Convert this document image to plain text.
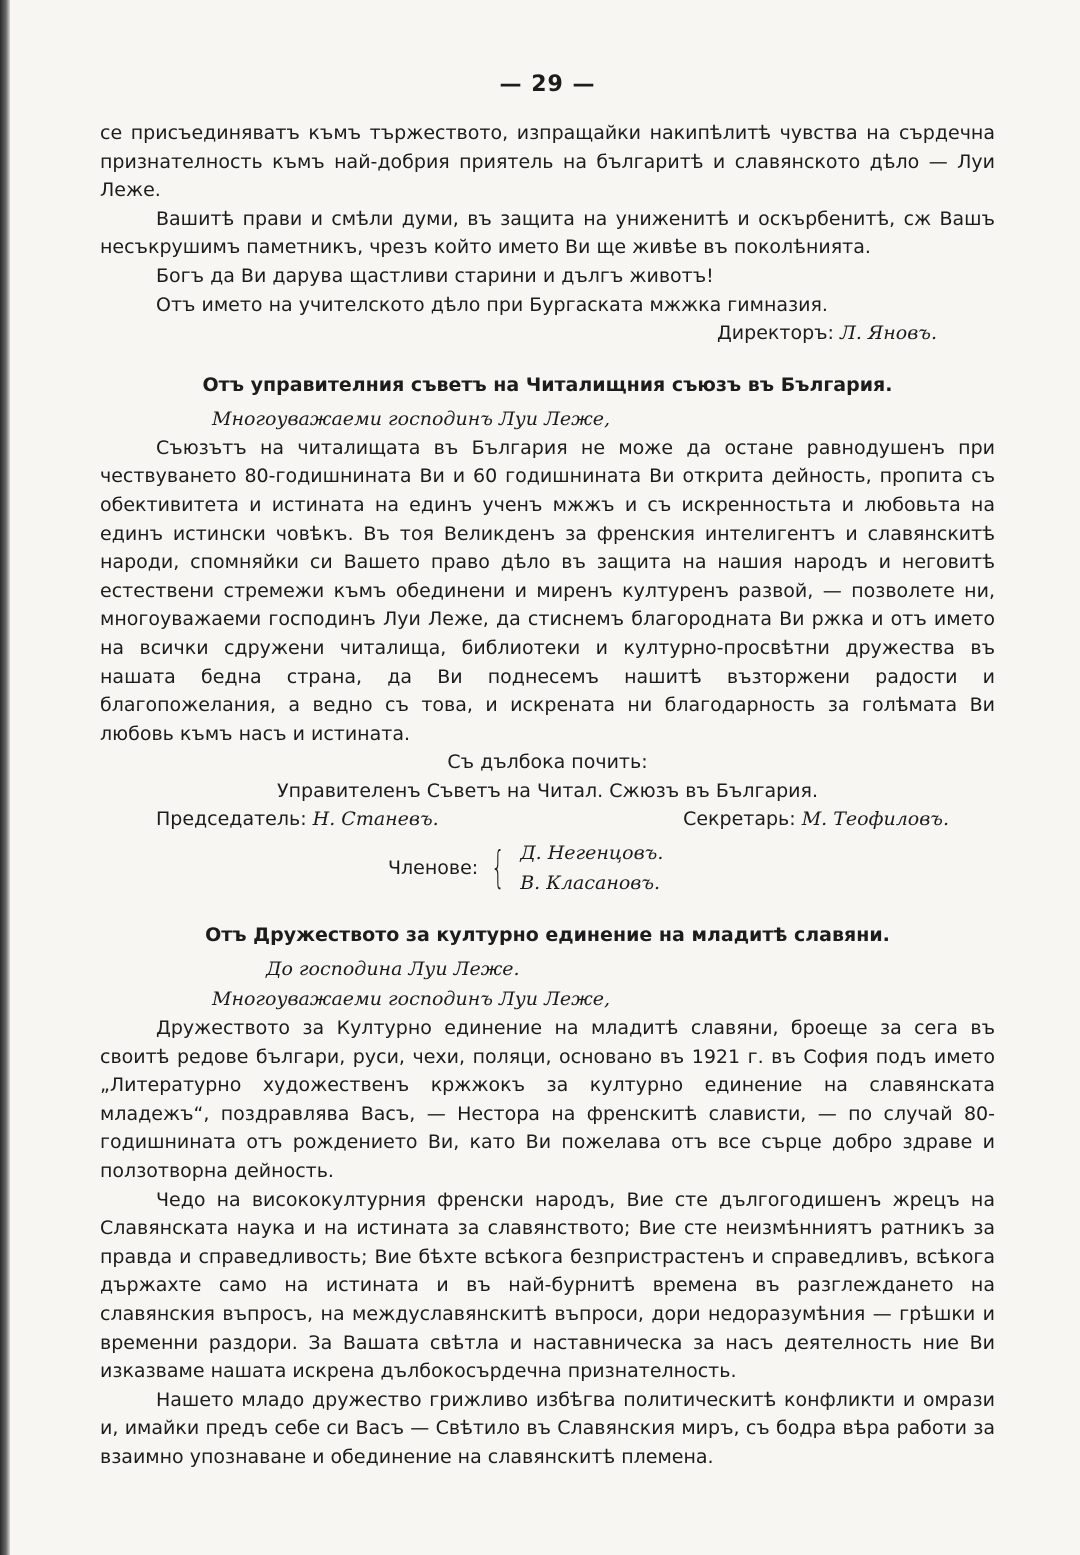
— 29 —

се присъединяватъ къмъ тържеството, изпращайки накипѣлитѣ чувства на сърдечна признателность къмъ най-добрия приятель на българитѣ и славянското дѣло — Луи Леже.

Вашитѣ прави и смѣли думи, въ защита на униженитѣ и оскърбенитѣ, сж Вашъ несъкрушимъ паметникъ, чрезъ който името Ви ще живѣе въ поколѣнията.

Богъ да Ви дарува щастливи старини и дългъ животъ!

Отъ името на учителското дѣло при Бургаската мжжка гимназия.

Директоръ: Л. Яновъ.

Отъ управителния съветъ на Читалищния съюзъ въ България.
Многоуважаеми господинъ Луи Леже,

Съюзътъ на читалищата въ България не може да остане равнодушенъ при чествуването 80-годишнината Ви и 60 годишнината Ви открита дейность, пропита съ обективитета и истината на единъ ученъ мжжъ и съ искренностьта и любовьта на единъ истински човѣкъ. Въ тоя Великденъ за френския интелигентъ и славянскитѣ народи, спомняйки си Вашето право дѣло въ защита на нашия народъ и неговитѣ естествени стремежи къмъ обединени и миренъ културенъ развой, — позволете ни, многоуважаеми господинъ Луи Леже, да стиснемъ благородната Ви ржка и отъ името на всички сдружени читалища, библиотеки и културно-просвѣтни дружества въ нашата бедна страна, да Ви поднесемъ нашитѣ възторжени радости и благопожелания, а ведно съ това, и искрената ни благодарность за голѣмата Ви любовь къмъ насъ и истината.

Съ дълбока почить:

Управителенъ Съветъ на Читал. Сжюзъ въ България.

Председатель: Н. Станевъ.	Секретарь: М. Теофиловъ.
Членове: { Д. Негенцовъ.
В. Класановъ.
Отъ Дружеството за културно единение на младитѣ славяни.
До господина Луи Леже.
Многоуважаеми господинъ Луи Леже,

Дружеството за Културно единение на младитѣ славяни, броеще за сега въ своитѣ редове българи, руси, чехи, поляци, основано въ 1921 г. въ София подъ името „Литературно художественъ кржжокъ за културно единение на славянската младежъ“, поздравлява Васъ, — Нестора на френскитѣ слависти, — по случай 80-годишнината отъ рождението Ви, като Ви пожелава отъ все сърце добро здраве и ползотворна дейность.

Чедо на висококултурния френски народъ, Вие сте дългогодишенъ жрецъ на Славянската наука и на истината за славянството; Вие сте неизмѣнниятъ ратникъ за правда и справедливость; Вие бѣхте всѣкога безпристрастенъ и справедливъ, всѣкога държахте само на истината и въ най-бурнитѣ времена въ разглеждането на славянския въпросъ, на междуславянскитѣ въпроси, дори недоразумѣния — грѣшки и временни раздори. За Вашата свѣтла и наставническа за насъ деятелность ние Ви изказваме нашата искрена дълбокосърдечна признателность.

Нашето младо дружество грижливо избѣгва политическитѣ конфликти и омрази и, имайки предъ себе си Васъ — Свѣтило въ Славянския миръ, съ бодра вѣра работи за взаимно упознаване и обединение на славянскитѣ племена.
